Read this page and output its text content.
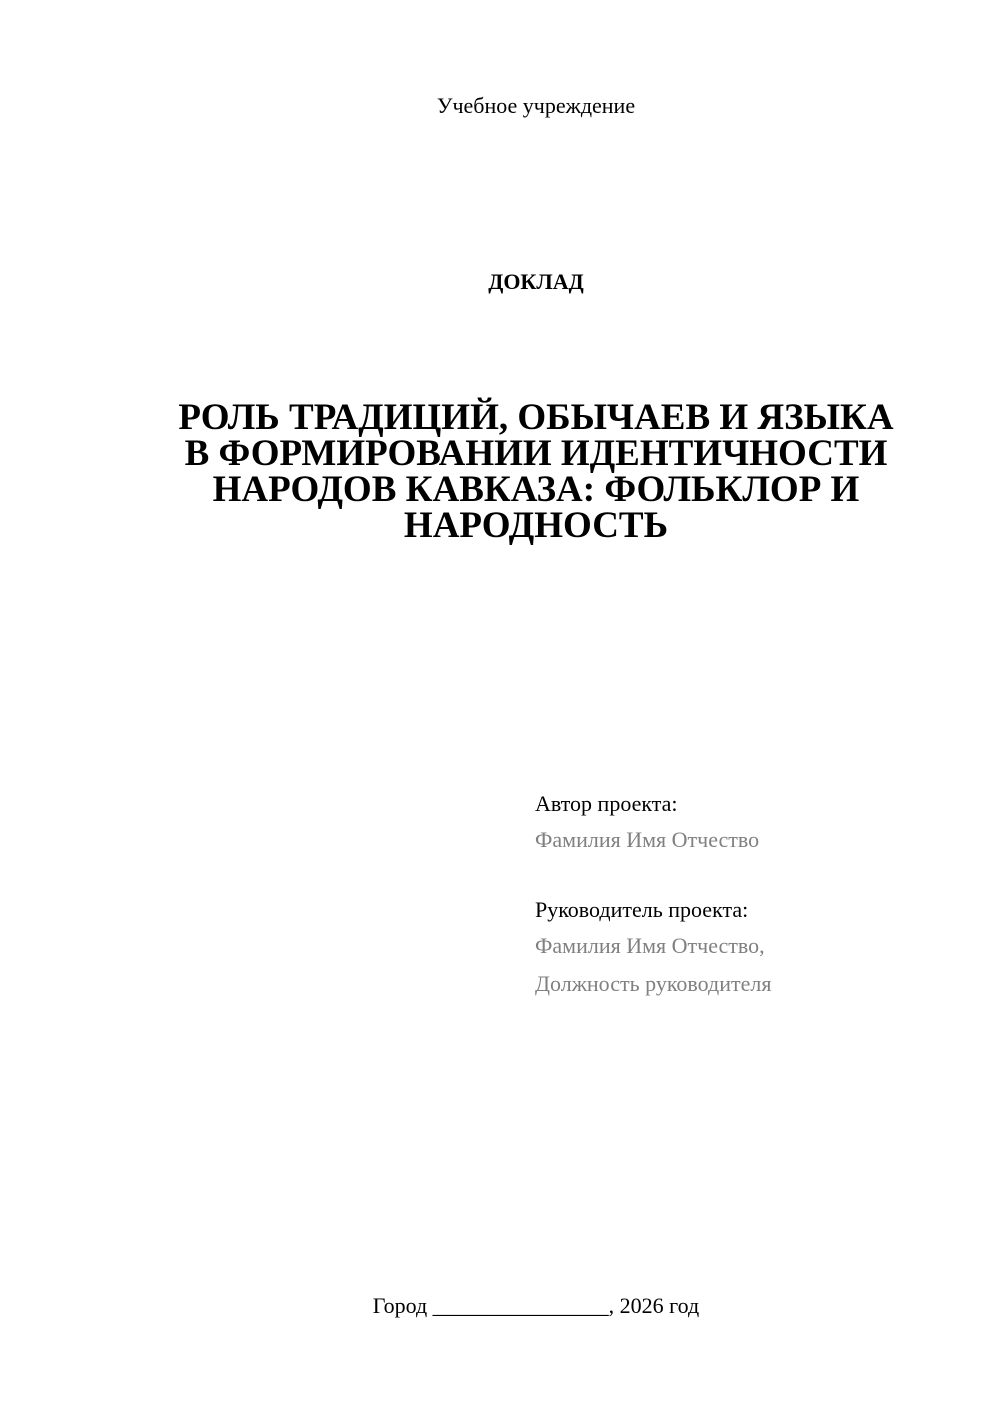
Учебное учреждение
ДОКЛАД
РОЛЬ ТРАДИЦИЙ, ОБЫЧАЕВ И ЯЗЫКА
В ФОРМИРОВАНИИ ИДЕНТИЧНОСТИ
НАРОДОВ КАВКАЗА: ФОЛЬКЛОР И
НАРОДНОСТЬ
Автор проекта:
Фамилия Имя Отчество
Руководитель проекта:
Фамилия Имя Отчество,
Должность руководителя
Город ________________, 2026 год
